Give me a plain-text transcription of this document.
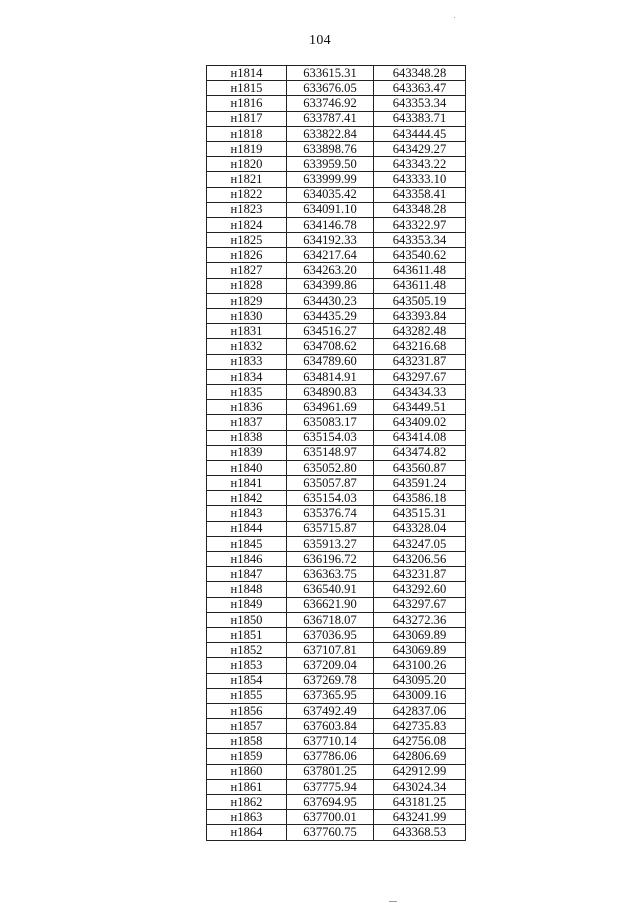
104
н1814	633615.31	643348.28
н1815	633676.05	643363.47
н1816	633746.92	643353.34
н1817	633787.41	643383.71
н1818	633822.84	643444.45
н1819	633898.76	643429.27
н1820	633959.50	643343.22
н1821	633999.99	643333.10
н1822	634035.42	643358.41
н1823	634091.10	643348.28
н1824	634146.78	643322.97
н1825	634192.33	643353.34
н1826	634217.64	643540.62
н1827	634263.20	643611.48
н1828	634399.86	643611.48
н1829	634430.23	643505.19
н1830	634435.29	643393.84
н1831	634516.27	643282.48
н1832	634708.62	643216.68
н1833	634789.60	643231.87
н1834	634814.91	643297.67
н1835	634890.83	643434.33
н1836	634961.69	643449.51
н1837	635083.17	643409.02
н1838	635154.03	643414.08
н1839	635148.97	643474.82
н1840	635052.80	643560.87
н1841	635057.87	643591.24
н1842	635154.03	643586.18
н1843	635376.74	643515.31
н1844	635715.87	643328.04
н1845	635913.27	643247.05
н1846	636196.72	643206.56
н1847	636363.75	643231.87
н1848	636540.91	643292.60
н1849	636621.90	643297.67
н1850	636718.07	643272.36
н1851	637036.95	643069.89
н1852	637107.81	643069.89
н1853	637209.04	643100.26
н1854	637269.78	643095.20
н1855	637365.95	643009.16
н1856	637492.49	642837.06
н1857	637603.84	642735.83
н1858	637710.14	642756.08
н1859	637786.06	642806.69
н1860	637801.25	642912.99
н1861	637775.94	643024.34
н1862	637694.95	643181.25
н1863	637700.01	643241.99
н1864	637760.75	643368.53
